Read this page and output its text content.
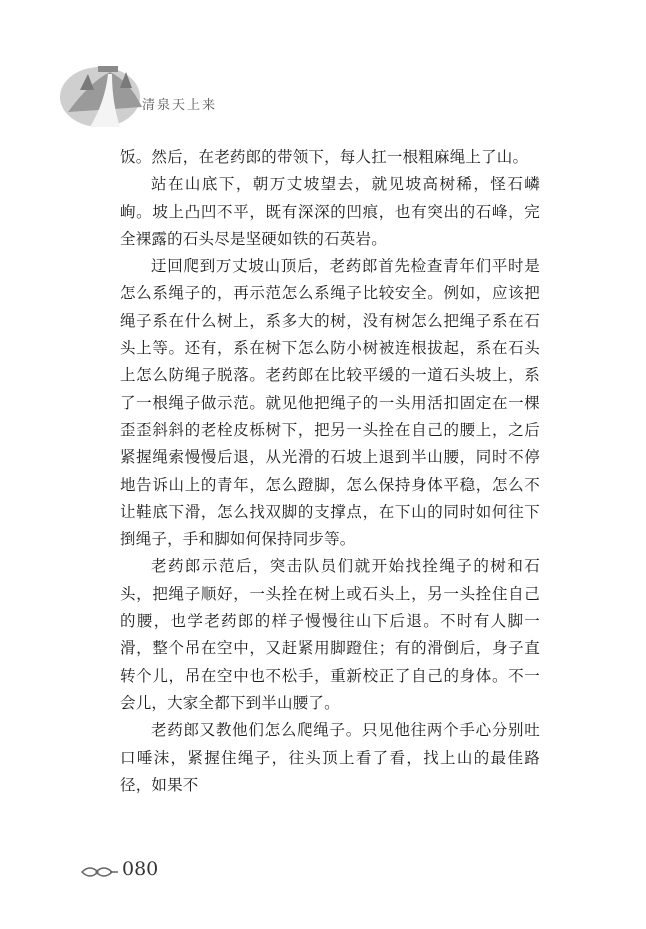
清泉天上来

饭。然后，在老药郎的带领下，每人扛一根粗麻绳上了山。

站在山底下，朝万丈坡望去，就见坡高树稀，怪石嶙峋。坡上凸凹不平，既有深深的凹痕，也有突出的石峰，完全裸露的石头尽是坚硬如铁的石英岩。

迂回爬到万丈坡山顶后，老药郎首先检查青年们平时是怎么系绳子的，再示范怎么系绳子比较安全。例如，应该把绳子系在什么树上，系多大的树，没有树怎么把绳子系在石头上等。还有，系在树下怎么防小树被连根拔起，系在石头上怎么防绳子脱落。老药郎在比较平缓的一道石头坡上，系了一根绳子做示范。就见他把绳子的一头用活扣固定在一棵歪歪斜斜的老栓皮栎树下，把另一头拴在自己的腰上，之后紧握绳索慢慢后退，从光滑的石坡上退到半山腰，同时不停地告诉山上的青年，怎么蹬脚，怎么保持身体平稳，怎么不让鞋底下滑，怎么找双脚的支撑点，在下山的同时如何往下捯绳子，手和脚如何保持同步等。

老药郎示范后，突击队员们就开始找拴绳子的树和石头，把绳子顺好，一头拴在树上或石头上，另一头拴住自己的腰，也学老药郎的样子慢慢往山下后退。不时有人脚一滑，整个吊在空中，又赶紧用脚蹬住；有的滑倒后，身子直转个儿，吊在空中也不松手，重新校正了自己的身体。不一会儿，大家全都下到半山腰了。

老药郎又教他们怎么爬绳子。只见他往两个手心分别吐口唾沫，紧握住绳子，往头顶上看了看，找上山的最佳路径，如果不

080
